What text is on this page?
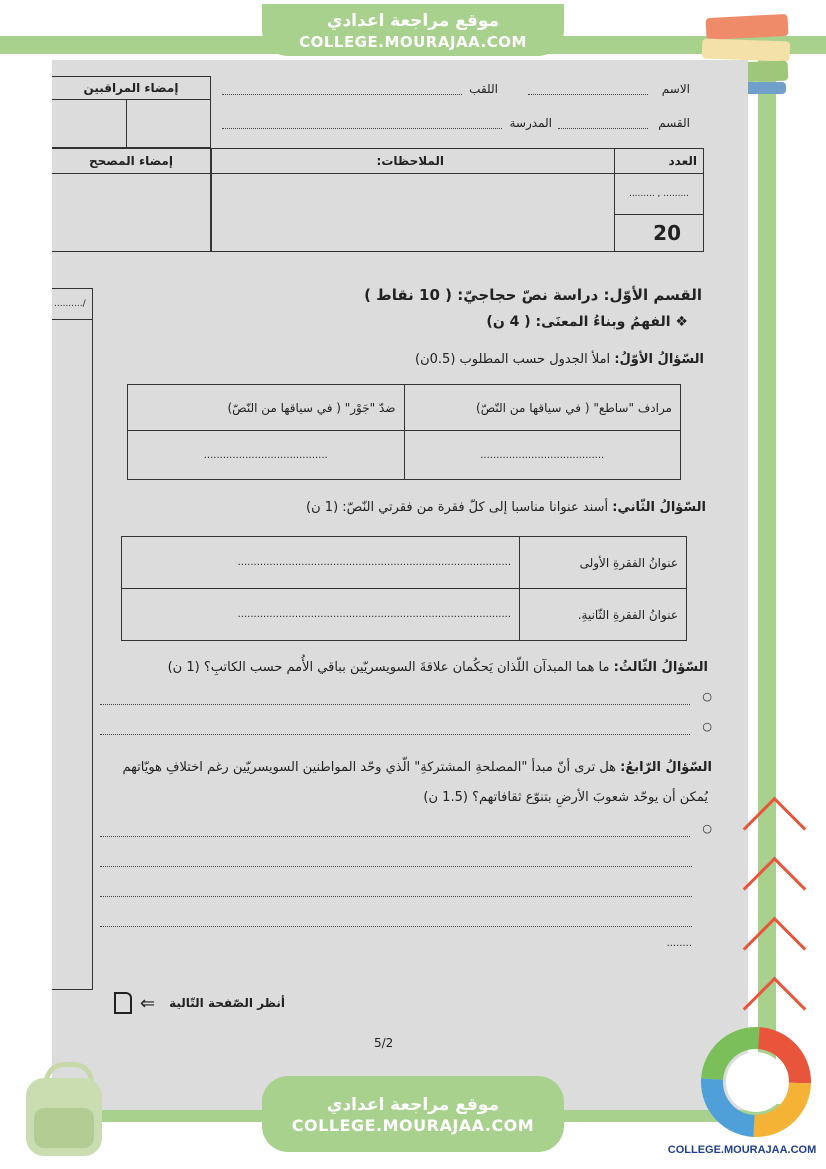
موقع مراجعة اعدادي
COLLEGE.MOURAJAA.COM
الاسم
اللقب
القسم
المدرسة
إمضاء المراقبين
إمضاء المصحح	الملاحظات:	العدد
......... , .........
20
........../	القسم الأوّل: دراسة نصّ حجاجيّ: ( 10 نقاط )
❖ الفهمُ وبناءُ المعنَى: ( 4 ن)
السّؤالُ الأوّلُ: املأ الجدول حسب المطلوب (0.5ن)
مرادف "ساطع" ( في سياقها من النّصّ)	ضدّ "جَوْر" ( في سياقها من النّصّ)
.......................................	.......................................
السّؤالُ الثّاني: أسند عنوانا مناسبا إلى كلّ فقرة من فقرتي النّصّ: (1 ن)
عنوانُ الفقرةِ الأولى	......................................................................................
عنوانُ الفقرةِ الثّانيةِ.	......................................................................................
السّؤالُ الثّالثُ: ما هما المبدآن اللّذان يَحكُمان علاقةَ السويسريّين بباقي الأُمم حسب الكاتبِ؟ (1 ن)
○
○
السّؤالُ الرّابعُ: هل ترى أنّ مبدأ "المصلحةِ المشتركةِ" الّذي وحّد المواطنين السويسريّين رغم اختلافِ هويّاتهم
يُمكن أن يوحّد شعوبَ الأرضِ بتنوّع ثقافاتهم؟ (1.5 ن)
○
........
أنظر الصّفحة التّالية
⇐
5/2
موقع مراجعة اعدادي
COLLEGE.MOURAJAA.COM
COLLEGE.MOURAJAA.COM
